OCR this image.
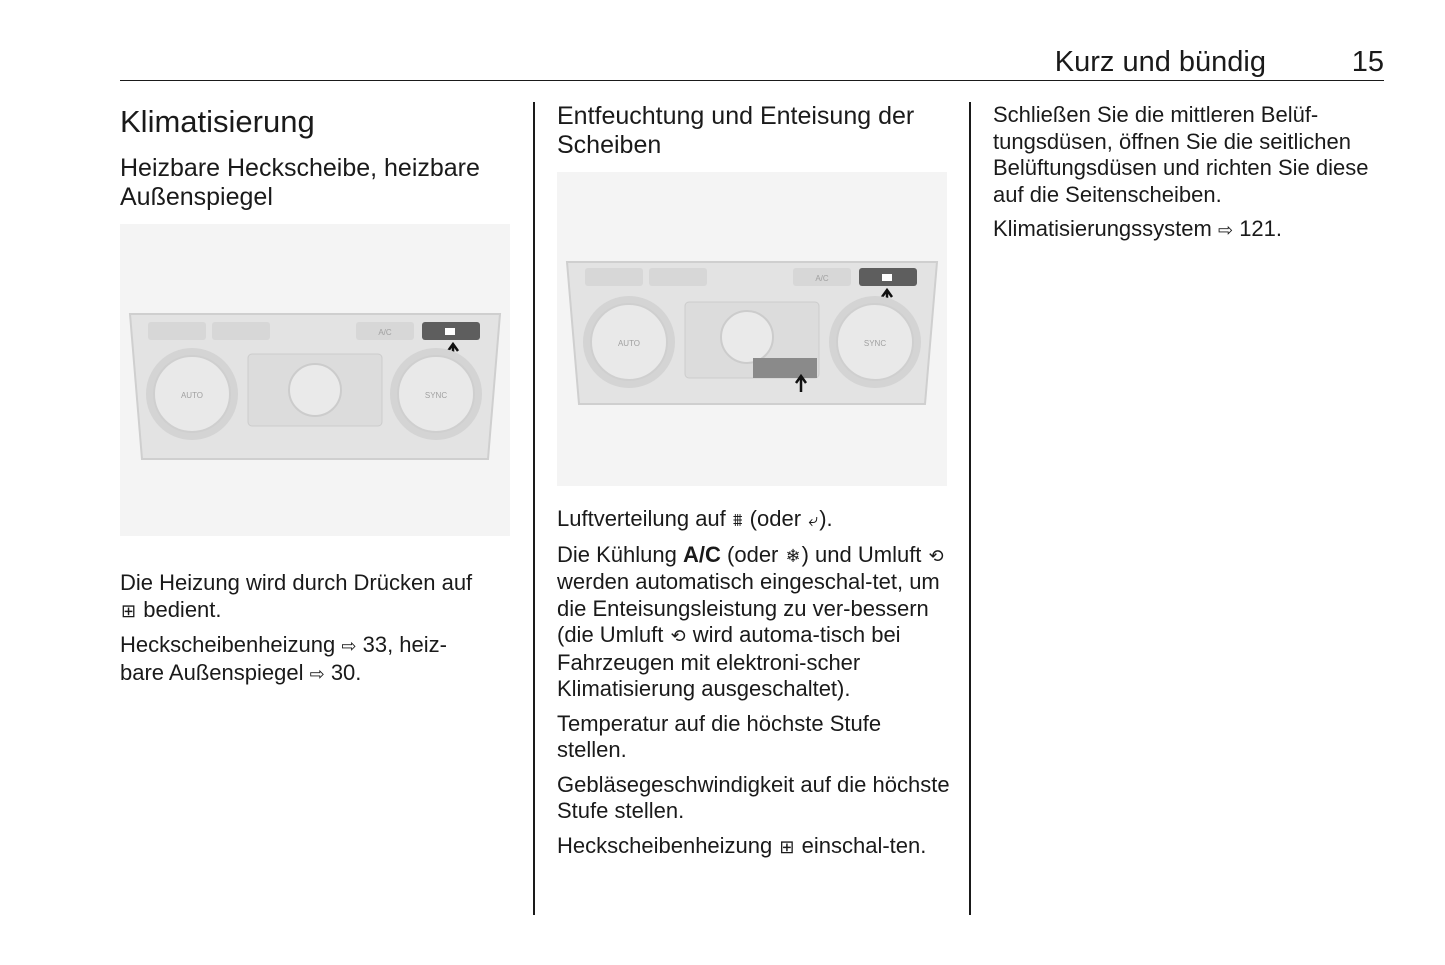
Kurz und bündig	15
Klimatisierung
Heizbare Heckscheibe, heizbare Außenspiegel
A/C
AUTO	SYNC

Die Heizung wird durch Drücken auf
⊞ bedient.

Heckscheibenheizung ⇨ 33, heiz-
bare Außenspiegel ⇨ 30.

Entfeuchtung und Enteisung der Scheiben
A/C
AUTO	SYNC

Luftverteilung auf ⩩ (oder ⤶).

Die Kühlung A/C (oder ❄) und Umluft ⟲ werden automatisch eingeschal-tet, um die Enteisungsleistung zu ver-bessern (die Umluft ⟲ wird automa-tisch bei Fahrzeugen mit elektroni-scher Klimatisierung ausgeschaltet).

Temperatur auf die höchste Stufe stellen.

Gebläsegeschwindigkeit auf die höchste Stufe stellen.

Heckscheibenheizung ⊞ einschal-ten.

Schließen Sie die mittleren Belüf-tungsdüsen, öffnen Sie die seitlichen Belüftungsdüsen und richten Sie diese auf die Seitenscheiben.

Klimatisierungssystem ⇨ 121.
